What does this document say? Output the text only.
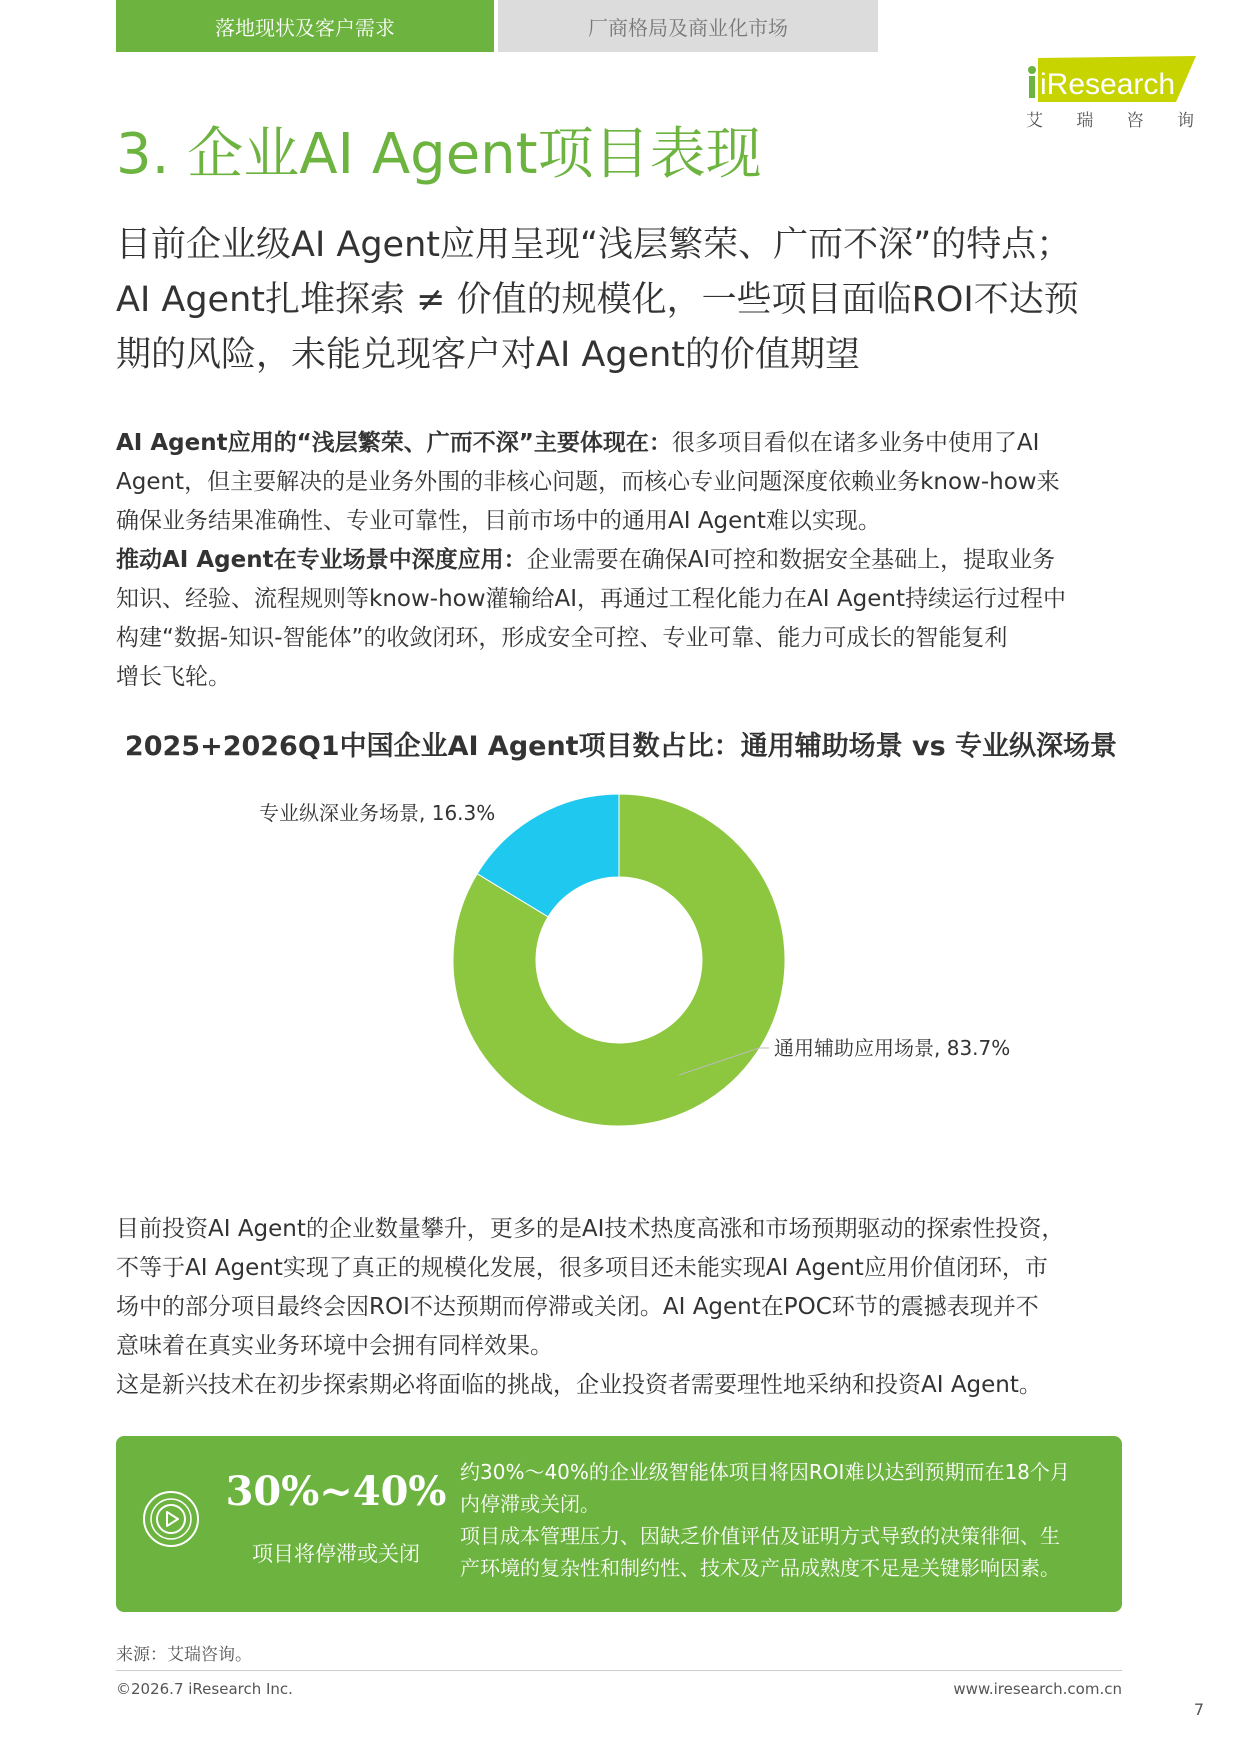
落地现状及客户需求	厂商格局及商业化市场
iResearch
艾 瑞 咨 询
3. 企业AI Agent项目表现
目前企业级AI Agent应用呈现“浅层繁荣、广而不深”的特点；
AI Agent扎堆探索 ≠ 价值的规模化，一些项目面临ROI不达预
期的风险，未能兑现客户对AI Agent的价值期望
AI Agent应用的“浅层繁荣、广而不深”主要体现在：很多项目看似在诸多业务中使用了AI
Agent，但主要解决的是业务外围的非核心问题，而核心专业问题深度依赖业务know-how来
确保业务结果准确性、专业可靠性，目前市场中的通用AI Agent难以实现。
推动AI Agent在专业场景中深度应用：企业需要在确保AI可控和数据安全基础上，提取业务
知识、经验、流程规则等know-how灌输给AI，再通过工程化能力在AI Agent持续运行过程中
构建“数据-知识-智能体”的收敛闭环，形成安全可控、专业可靠、能力可成长的智能复利
增长飞轮。
2025+2026Q1中国企业AI Agent项目数占比：通用辅助场景 vs 专业纵深场景
通用辅助应用场景, 83.7%
专业纵深业务场景, 16.3%
目前投资AI Agent的企业数量攀升，更多的是AI技术热度高涨和市场预期驱动的探索性投资，
不等于AI Agent实现了真正的规模化发展，很多项目还未能实现AI Agent应用价值闭环，市
场中的部分项目最终会因ROI不达预期而停滞或关闭。AI Agent在POC环节的震撼表现并不
意味着在真实业务环境中会拥有同样效果。
这是新兴技术在初步探索期必将面临的挑战，企业投资者需要理性地采纳和投资AI Agent。
30%~40%
项目将停滞或关闭
约30%～40%的企业级智能体项目将因ROI难以达到预期而在18个月
内停滞或关闭。
项目成本管理压力、因缺乏价值评估及证明方式导致的决策徘徊、生
产环境的复杂性和制约性、技术及产品成熟度不足是关键影响因素。
来源：艾瑞咨询。
©2026.7 iResearch Inc.	www.iresearch.com.cn
7
